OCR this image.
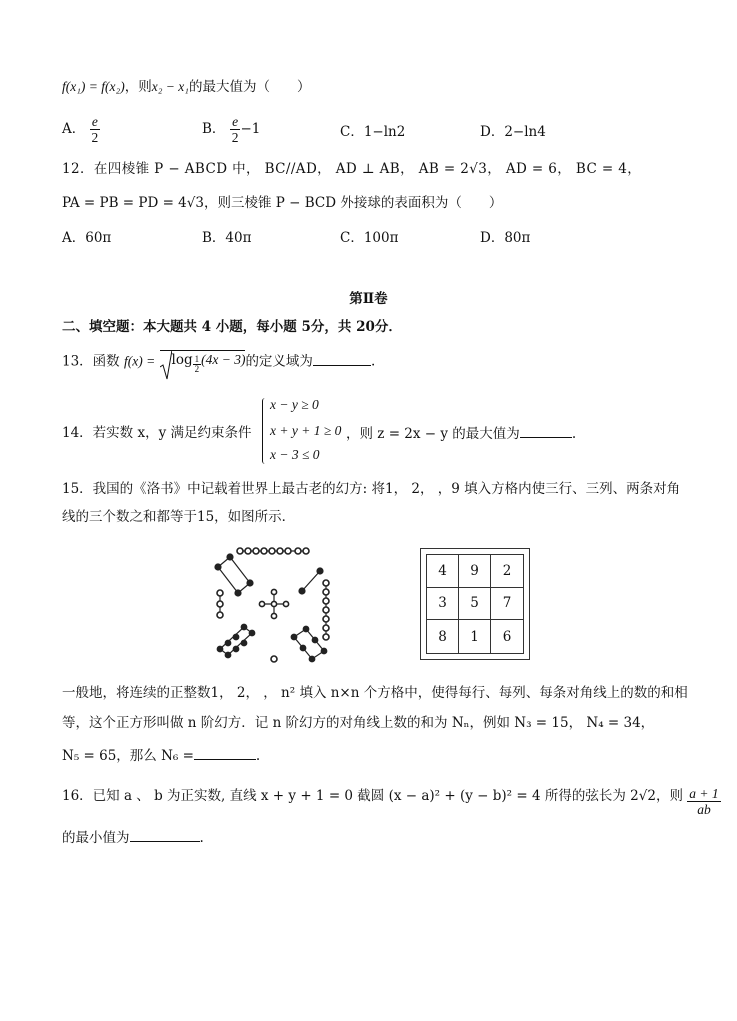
f(x₁) = f(x₂)，则x₂ − x₁的最大值为（　　）
A． $\frac{e}{2}$	B． $\frac{e}{2} -1$	C．1−ln2	D．2−ln4
12．在四棱锥 P − ABCD 中， BC//AD， AD ⊥ AB， AB = 2√3， AD = 6， BC = 4，
PA = PB = PD = 4√3，则三棱锥 P − BCD 外接球的表面积为（　　）
A．60π	B．40π	C．100π	D．80π
第Ⅱ卷
二、填空题：本大题共 4 小题，每小题 5分，共 20分．
13．函数 $f(x) = \log \frac{1}{2} (4x - 3)$的定义域为	.
14．若实数 x，y 满足约束条件
x − y ≥ 0
x + y + 1 ≥ 0
x − 3 ≤ 0
，则 z = 2x − y 的最大值为	.
15．我国的《洛书》中记载着世界上最古老的幻方: 将1， 2， ，9 填入方格内使三行、三列、两条对角
线的三个数之和都等于15，如图所示．
4	9	2
3	5	7
8	1	6
一般地，将连续的正整数1， 2， ， n² 填入 n×n 个方格中，使得每行、每列、每条对角线上的数的和相
等，这个正方形叫做 n 阶幻方．记 n 阶幻方的对角线上数的和为 Nₙ，例如 N₃ = 15， N₄ = 34，
N₅ = 65，那么 N₆ =	.
16．已知 a 、 b 为正实数, 直线 x + y + 1 = 0 截圆 (x − a)² + (y − b)² = 4 所得的弦长为 2√2，则 $\frac{a + 1}{ab}$
的最小值为	.
